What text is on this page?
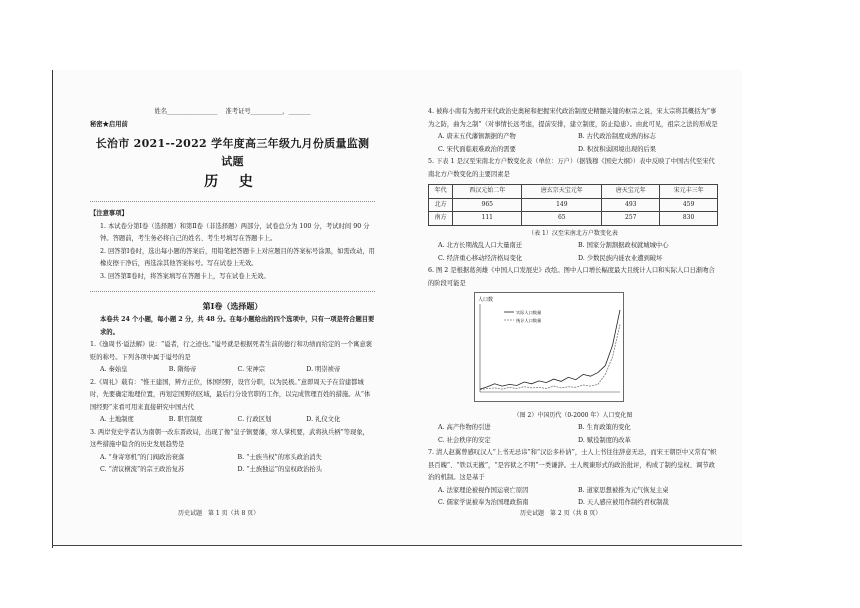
姓名________________ 准考证号__________，_______

秘密★启用前

长治市 2021--2022 学年度高三年级九月份质量监测试题

历 史

【注意事项】

1. 本试卷分第Ⅰ卷（选择题）和第Ⅱ卷（非选择题）两部分，试卷总分为 100 分，考试时间 90 分钟。答题前，考生务必将自己的姓名、考生号填写在答题卡上。

2. 回答第Ⅰ卷时，选出每小题的答案后，用铅笔把答题卡上对应题目的答案标号涂黑，如需改动，用橡皮擦干净后，再选涂其他答案标号。写在试卷上无效。

3. 回答第Ⅱ卷时，将答案填写在答题卡上，写在试卷上无效。

第Ⅰ卷（选择题）

本卷共 24 个小题，每小题 2 分，共 48 分。在每小题给出的四个选项中，只有一项是符合题目要求的。

1.《逸周书·谥法解》说：“谥者，行之迹也。”谥号就是根据死者生前的德行和功绩而给定的一个寓意褒贬的称号。下列各项中属于谥号的是

A. 秦始皇	B. 隋炀帝	C. 宋神宗	D. 明崇祯帝

2.《周礼》载有：“惟王建国，辨方正位，体国经野，设官分职，以为民极。”意即周天子在营建都城时，先要确定地理位置，再划定国野的区域，最后行分设官职的工作，以完成管理百姓的措施。从“体国经野”来看可用来直接研究中国古代

A. 土地制度	B. 职官制度	C. 行政区划	D. 礼仪文化

3. 两岸党史学者认为南朝一改东晋政局，出现了像“皇子镇要藩，寒人掌机要，武将执兵柄”等现象，这些措施中隐含的历史发展趋势是

A. “身寄寒机”的门阀政治衰落	B. “士族当权”的寒头政治消失
C. “清议横流”的宗王政治复苏	D. “土族独运”的皇权政治抬头

4. 被称小南有为揭开宋代政治史奥秘和把握宋代政治制度史精髓关键的枢宗之说，宋太宗将其概括为“事为之防，曲为之制”（对事情长远考虑，提前安排，建立制度，防止隐患）。由此可见，祖宗之法的形成是

A. 唐末五代藩镇割据的产物	B. 古代政治制度成熟的标志
C. 宋代面临艰难政治的需要	D. 积贫积弱困境出现的后果

5. 下表 1 是汉至宋南北方户数变化表（单位：万户）（据钱穆《国史大纲》）表中反映了中国古代至宋代南北方户数变化的主要因素是

年代	西汉元始二年	唐玄宗天宝元年	唐天宝元年	宋元丰三年
北方	965	149	493	459
南方	111	65	257	830

（表 1）汉至宋南北方户数变化表

A. 北方长期战乱人口大量南迁	B. 国家分割割据政权就城城中心
C. 经济重心移动经济格局变化	D. 少数民族内徙农业遭到破坏

6. 图 2 是根据葛剑雄《中国人口发展史》改绘。图中人口增长幅度最大且统计人口和实际人口日渐吻合的阶段可能是

人口数
实际人口数量
统计人口数量

（图 2）中国历代（0-2000 年）人口变化图

A. 高产作物的引进	B. 生育政策的变化
C. 社会秩序的安定	D. 赋役制度的改革

7. 清人赵翼曾感叹汉人“上书无忌讳”和“汉讼多朴讷”，士人上书往往辞意无忌，而宋王朝臣中又常有“帜县百魄”、“铁以无撤”，“是容狱之不明”一类谦辞。士人规谏形式的政治批评，构成了制约皇权、调节政治的机制。这是基于

A. 法家理论被视作国运衰亡原因	B. 道家思想被推为元气恢复主桌
C. 儒家学说被奉为治国理政指南	D. 天人感应被用作制约君权制裁
历史试题　第 1 页（共 8 页）	历史试题　第 2 页（共 8 页）
